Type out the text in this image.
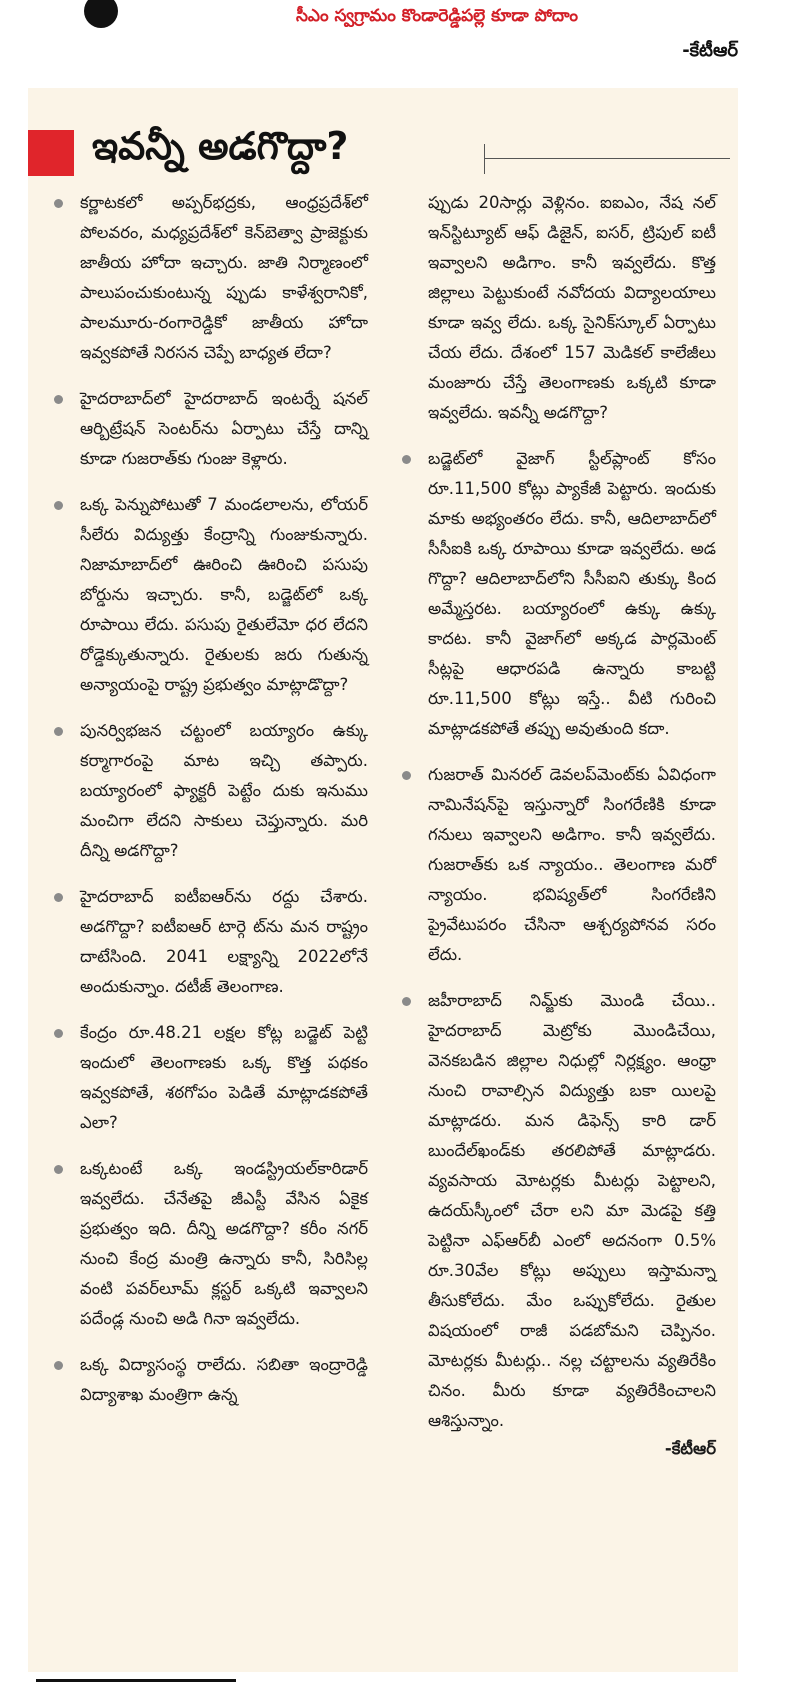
సీఎం స్వగ్రామం కొండారెడ్డిపల్లె కూడా పోదాం
-కేటీఆర్
ఇవన్నీ అడగొద్దా?
కర్ణాటకలో అప్పర్‌భద్రకు, ఆంధ్రప్రదేశ్‌లో పోలవరం, మధ్యప్రదేశ్‌లో కెన్‌బెత్వా ప్రాజెక్టుకు జాతీయ హోదా ఇచ్చారు. జాతి నిర్మాణంలో పాలుపంచుకుంటున్న ప్పుడు కాళేశ్వరానికో, పాలమూరు-రంగారెడ్డికో జాతీయ హోదా ఇవ్వకపోతే నిరసన చెప్పే బాధ్యత లేదా?
హైదరాబాద్‌లో హైదరాబాద్ ఇంటర్నే షనల్ ఆర్బిట్రేషన్ సెంటర్‌ను ఏర్పాటు చేస్తే దాన్ని కూడా గుజరాత్‌కు గుంజు కెళ్లారు.
ఒక్క పెన్నుపోటుతో 7 మండలాలను, లోయర్ సీలేరు విద్యుత్తు కేంద్రాన్ని గుంజుకున్నారు. నిజామాబాద్‌లో ఊరించి ఊరించి పసుపు బోర్డును ఇచ్చారు. కానీ, బడ్జెట్‌లో ఒక్క రూపాయి లేదు. పసుపు రైతులేమో ధర లేదని రోడ్డెక్కుతున్నారు. రైతులకు జరు గుతున్న అన్యాయంపై రాష్ట్ర ప్రభుత్వం మాట్లాడొద్దా?
పునర్విభజన చట్టంలో బయ్యారం ఉక్కు కర్మాగారంపై మాట ఇచ్చి తప్పారు. బయ్యారంలో ఫ్యాక్టరీ పెట్టేం దుకు ఇనుము మంచిగా లేదని సాకులు చెప్తున్నారు. మరి దీన్ని అడగొద్దా?
హైదరాబాద్ ఐటీఐఆర్‌ను రద్దు చేశారు. అడగొద్దా? ఐటీఐఆర్ టార్గె ట్‌ను మన రాష్ట్రం దాటేసింది. 2041 లక్ష్యాన్ని 2022లోనే అందుకున్నాం. దటీజ్ తెలంగాణ.
కేంద్రం రూ.48.21 లక్షల కోట్ల బడ్జెట్ పెట్టి ఇందులో తెలంగాణకు ఒక్క కొత్త పథకం ఇవ్వకపోతే, శఠగోపం పెడితే మాట్లాడకపోతే ఎలా?
ఒక్కటంటే ఒక్క ఇండస్ట్రియల్‌కారిడార్ ఇవ్వలేదు. చేనేతపై జీఎస్టీ వేసిన ఏకైక ప్రభుత్వం ఇది. దీన్ని అడగొద్దా? కరీం నగర్ నుంచి కేంద్ర మంత్రి ఉన్నారు కానీ, సిరిసిల్ల వంటి పవర్‌లూమ్ క్లస్టర్ ఒక్కటి ఇవ్వాలని పదేండ్ల నుంచి అడి గినా ఇవ్వలేదు.
ఒక్క విద్యాసంస్థ రాలేదు. సబితా ఇంద్రారెడ్డి విద్యాశాఖ మంత్రిగా ఉన్న
ప్పుడు 20సార్లు వెళ్లినం. ఐఐఎం, నేష నల్ ఇన్‌స్టిట్యూట్ ఆఫ్ డిజైన్, ఐసర్, ట్రిపుల్ ఐటీ ఇవ్వాలని అడిగాం. కానీ ఇవ్వలేదు. కొత్త జిల్లాలు పెట్టుకుంటే నవోదయ విద్యాలయాలు కూడా ఇవ్వ లేదు. ఒక్క సైనిక్‌స్కూల్ ఏర్పాటు చేయ లేదు. దేశంలో 157 మెడికల్ కాలేజీలు మంజూరు చేస్తే తెలంగాణకు ఒక్కటి కూడా ఇవ్వలేదు. ఇవన్నీ అడగొద్దా?
బడ్జెట్‌లో వైజాగ్ స్టీల్‌ప్లాంట్ కోసం రూ.11,500 కోట్లు ప్యాకేజీ పెట్టారు. ఇందుకు మాకు అభ్యంతరం లేదు. కానీ, ఆదిలాబాద్‌లో సీసీఐకి ఒక్క రూపాయి కూడా ఇవ్వలేదు. అడ గొద్దా? ఆదిలాబాద్‌లోని సీసీఐని తుక్కు కింద అమ్మేస్తరట. బయ్యారంలో ఉక్కు ఉక్కు కాదట. కానీ వైజాగ్‌లో అక్కడ పార్లమెంట్ సీట్లపై ఆధారపడి ఉన్నారు కాబట్టి రూ.11,500 కోట్లు ఇస్తే.. వీటి గురించి మాట్లాడకపోతే తప్పు అవుతుంది కదా.
గుజరాత్ మినరల్ డెవలప్‌మెంట్‌కు ఏవిధంగా నామినేషన్‌పై ఇస్తున్నారో సింగరేణికి కూడా గనులు ఇవ్వాలని అడిగాం. కానీ ఇవ్వలేదు. గుజరాత్‌కు ఒక న్యాయం.. తెలంగాణ మరో న్యాయం. భవిష్యత్‌లో సింగరేణిని ప్రైవేటుపరం చేసినా ఆశ్చర్యపోనవ సరం లేదు.
జహీరాబాద్ నిమ్జ్‌కు మొండి చేయి.. హైదరాబాద్ మెట్రోకు మొండిచేయి, వెనకబడిన జిల్లాల నిధుల్లో నిర్లక్ష్యం. ఆంధ్రా నుంచి రావాల్సిన విద్యుత్తు బకా యిలపై మాట్లాడరు. మన డిఫెన్స్ కారి డార్ బుందేల్‌ఖండ్‌కు తరలిపోతే మాట్లాడరు. వ్యవసాయ మోటర్లకు మీటర్లు పెట్టాలని, ఉదయ్‌స్కీంలో చేరా లని మా మెడపై కత్తి పెట్టినా ఎఫ్ఆర్‌బీ ఎంలో అదనంగా 0.5% రూ.30వేల కోట్లు అప్పులు ఇస్తామన్నా తీసుకోలేదు. మేం ఒప్పుకోలేదు. రైతుల విషయంలో రాజీ పడబోమని చెప్పినం. మోటర్లకు మీటర్లు.. నల్ల చట్టాలను వ్యతిరేకిం చినం. మీరు కూడా వ్యతిరేకించాలని ఆశిస్తున్నాం.
-కేటీఆర్
